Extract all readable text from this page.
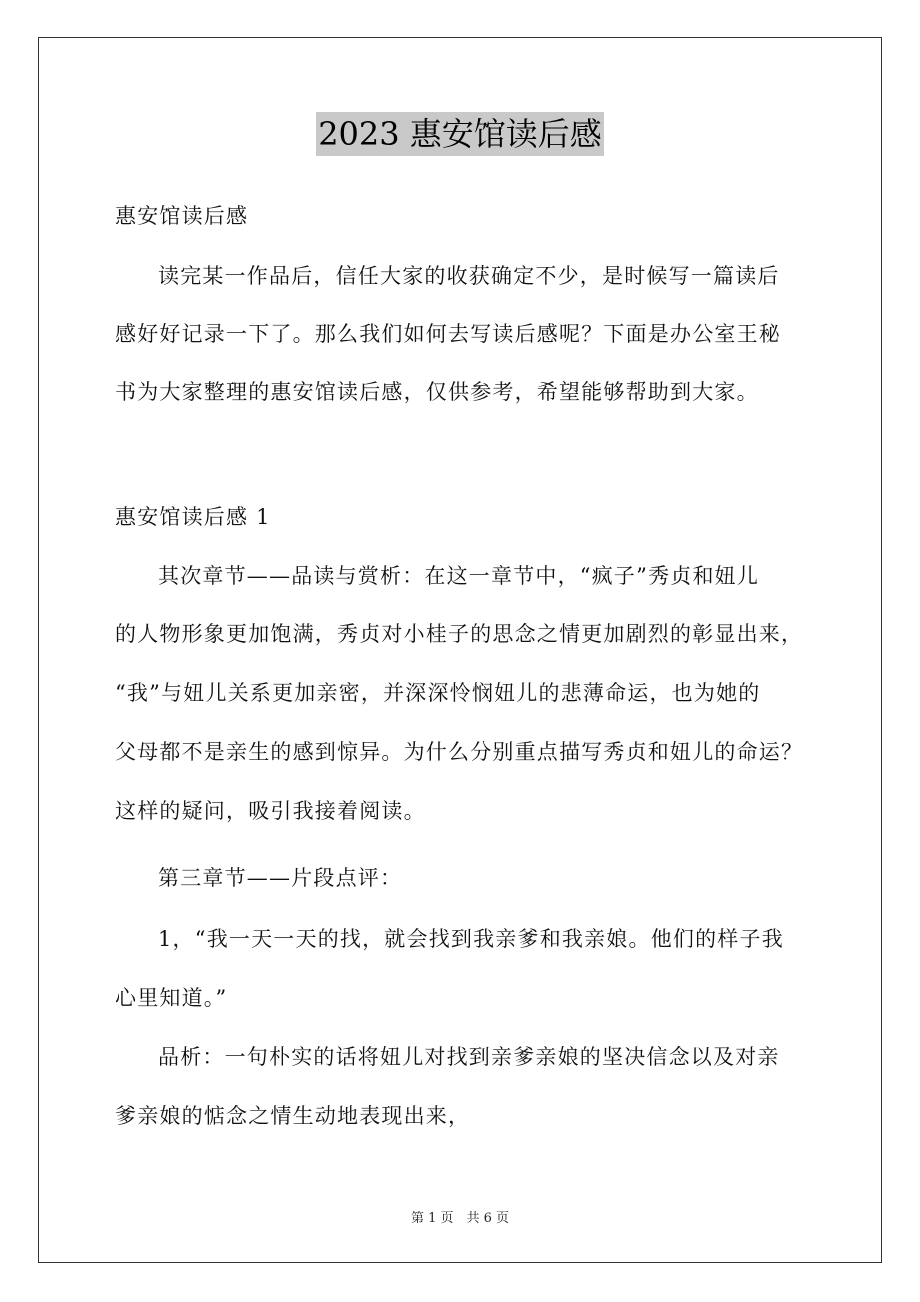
2023 惠安馆读后感
惠安馆读后感
读完某一作品后，信任大家的收获确定不少，是时候写一篇读后
感好好记录一下了。那么我们如何去写读后感呢？下面是办公室王秘
书为大家整理的惠安馆读后感，仅供参考，希望能够帮助到大家。
惠安馆读后感 1
其次章节——品读与赏析：在这一章节中，“疯子”秀贞和妞儿
的人物形象更加饱满，秀贞对小桂子的思念之情更加剧烈的彰显出来，
“我”与妞儿关系更加亲密，并深深怜悯妞儿的悲薄命运，也为她的
父母都不是亲生的感到惊异。为什么分别重点描写秀贞和妞儿的命运？
这样的疑问，吸引我接着阅读。
第三章节——片段点评：
1，“我一天一天的找，就会找到我亲爹和我亲娘。他们的样子我
心里知道。”
品析：一句朴实的话将妞儿对找到亲爹亲娘的坚决信念以及对亲
爹亲娘的惦念之情生动地表现出来，
第 1 页　共 6 页
